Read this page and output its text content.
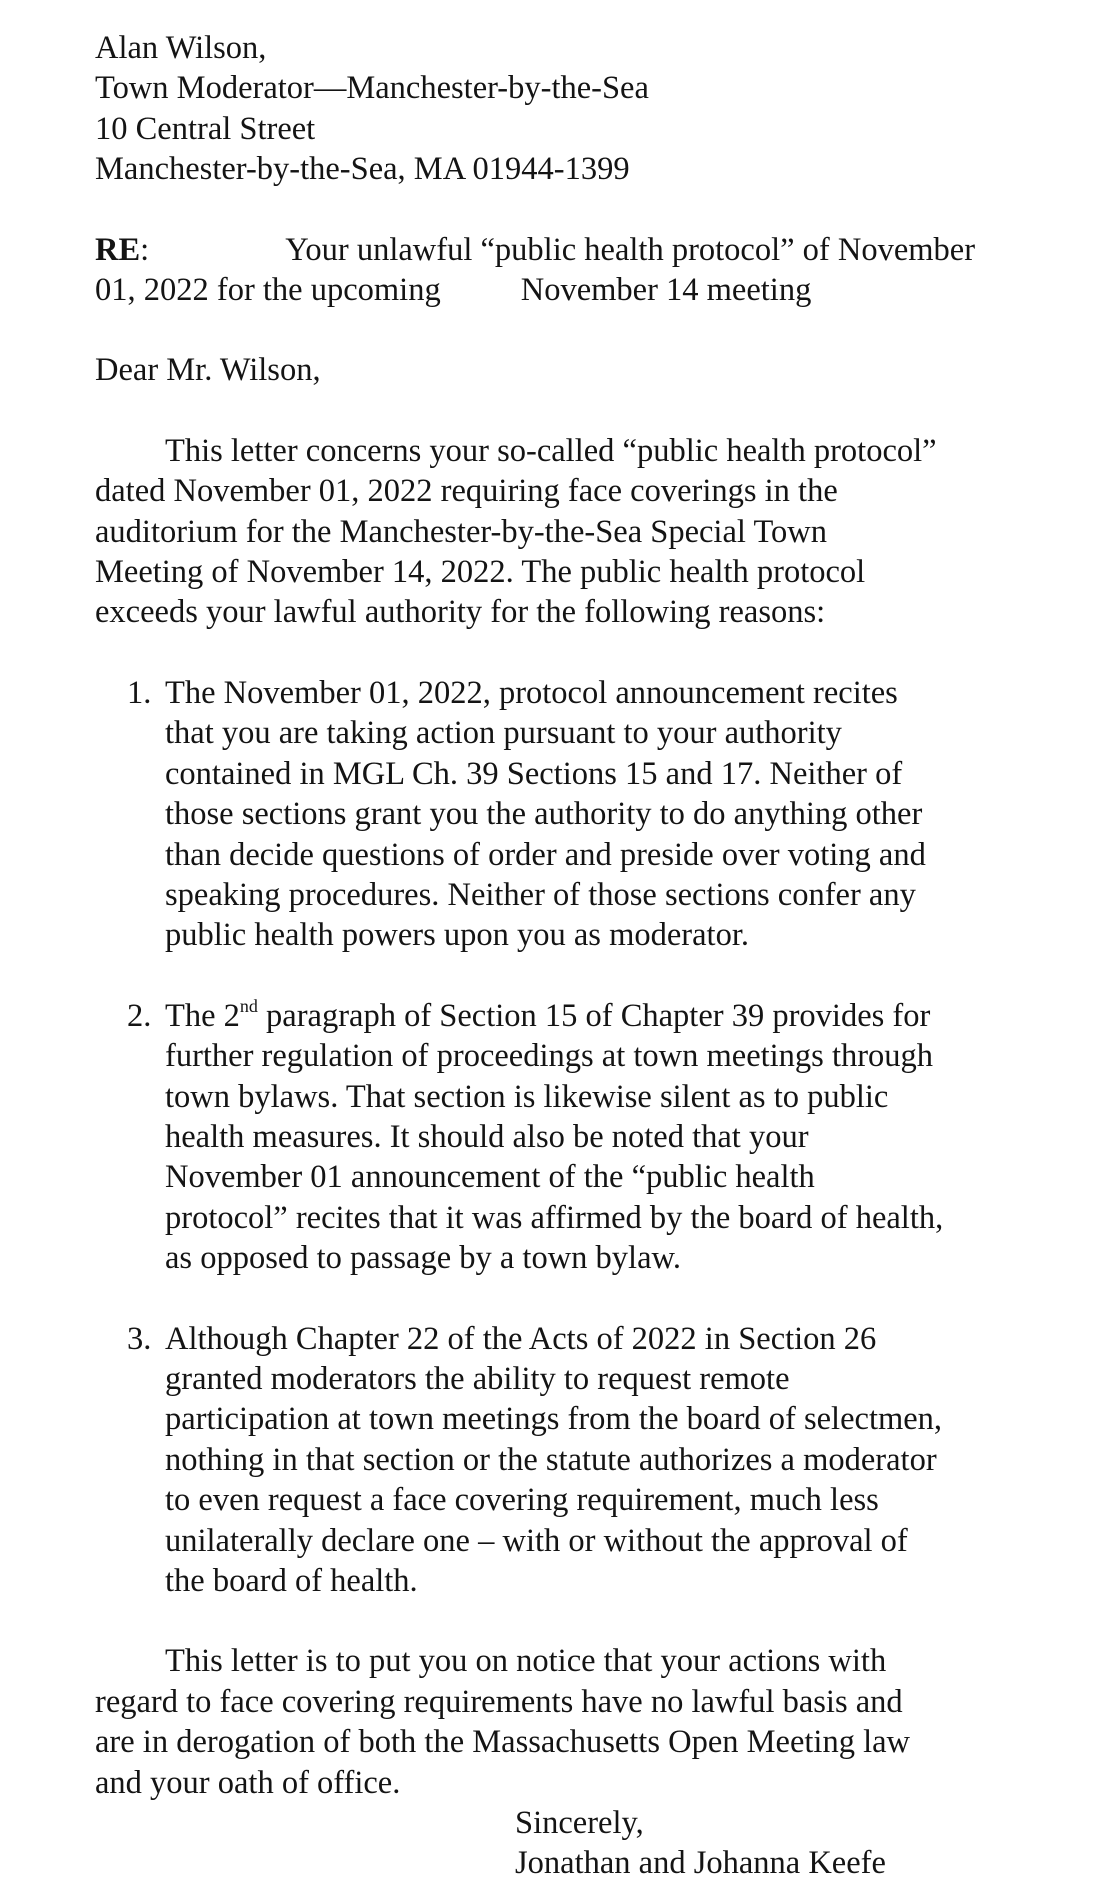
Alan Wilson,
Town Moderator—Manchester-by-the-Sea
10 Central Street
Manchester-by-the-Sea, MA 01944-1399
RE:	Your unlawful “public health protocol” of November
01, 2022 for the upcoming November 14 meeting
Dear Mr. Wilson,
This letter concerns your so-called “public health protocol”
dated November 01, 2022 requiring face coverings in the
auditorium for the Manchester-by-the-Sea Special Town
Meeting of November 14, 2022. The public health protocol
exceeds your lawful authority for the following reasons:
1. The November 01, 2022, protocol announcement recites
that you are taking action pursuant to your authority
contained in MGL Ch. 39 Sections 15 and 17. Neither of
those sections grant you the authority to do anything other
than decide questions of order and preside over voting and
speaking procedures. Neither of those sections confer any
public health powers upon you as moderator.
2. The 2nd paragraph of Section 15 of Chapter 39 provides for
further regulation of proceedings at town meetings through
town bylaws. That section is likewise silent as to public
health measures. It should also be noted that your
November 01 announcement of the “public health
protocol” recites that it was affirmed by the board of health,
as opposed to passage by a town bylaw.
3. Although Chapter 22 of the Acts of 2022 in Section 26
granted moderators the ability to request remote
participation at town meetings from the board of selectmen,
nothing in that section or the statute authorizes a moderator
to even request a face covering requirement, much less
unilaterally declare one – with or without the approval of
the board of health.
This letter is to put you on notice that your actions with
regard to face covering requirements have no lawful basis and
are in derogation of both the Massachusetts Open Meeting law
and your oath of office.
Sincerely,
Jonathan and Johanna Keefe
